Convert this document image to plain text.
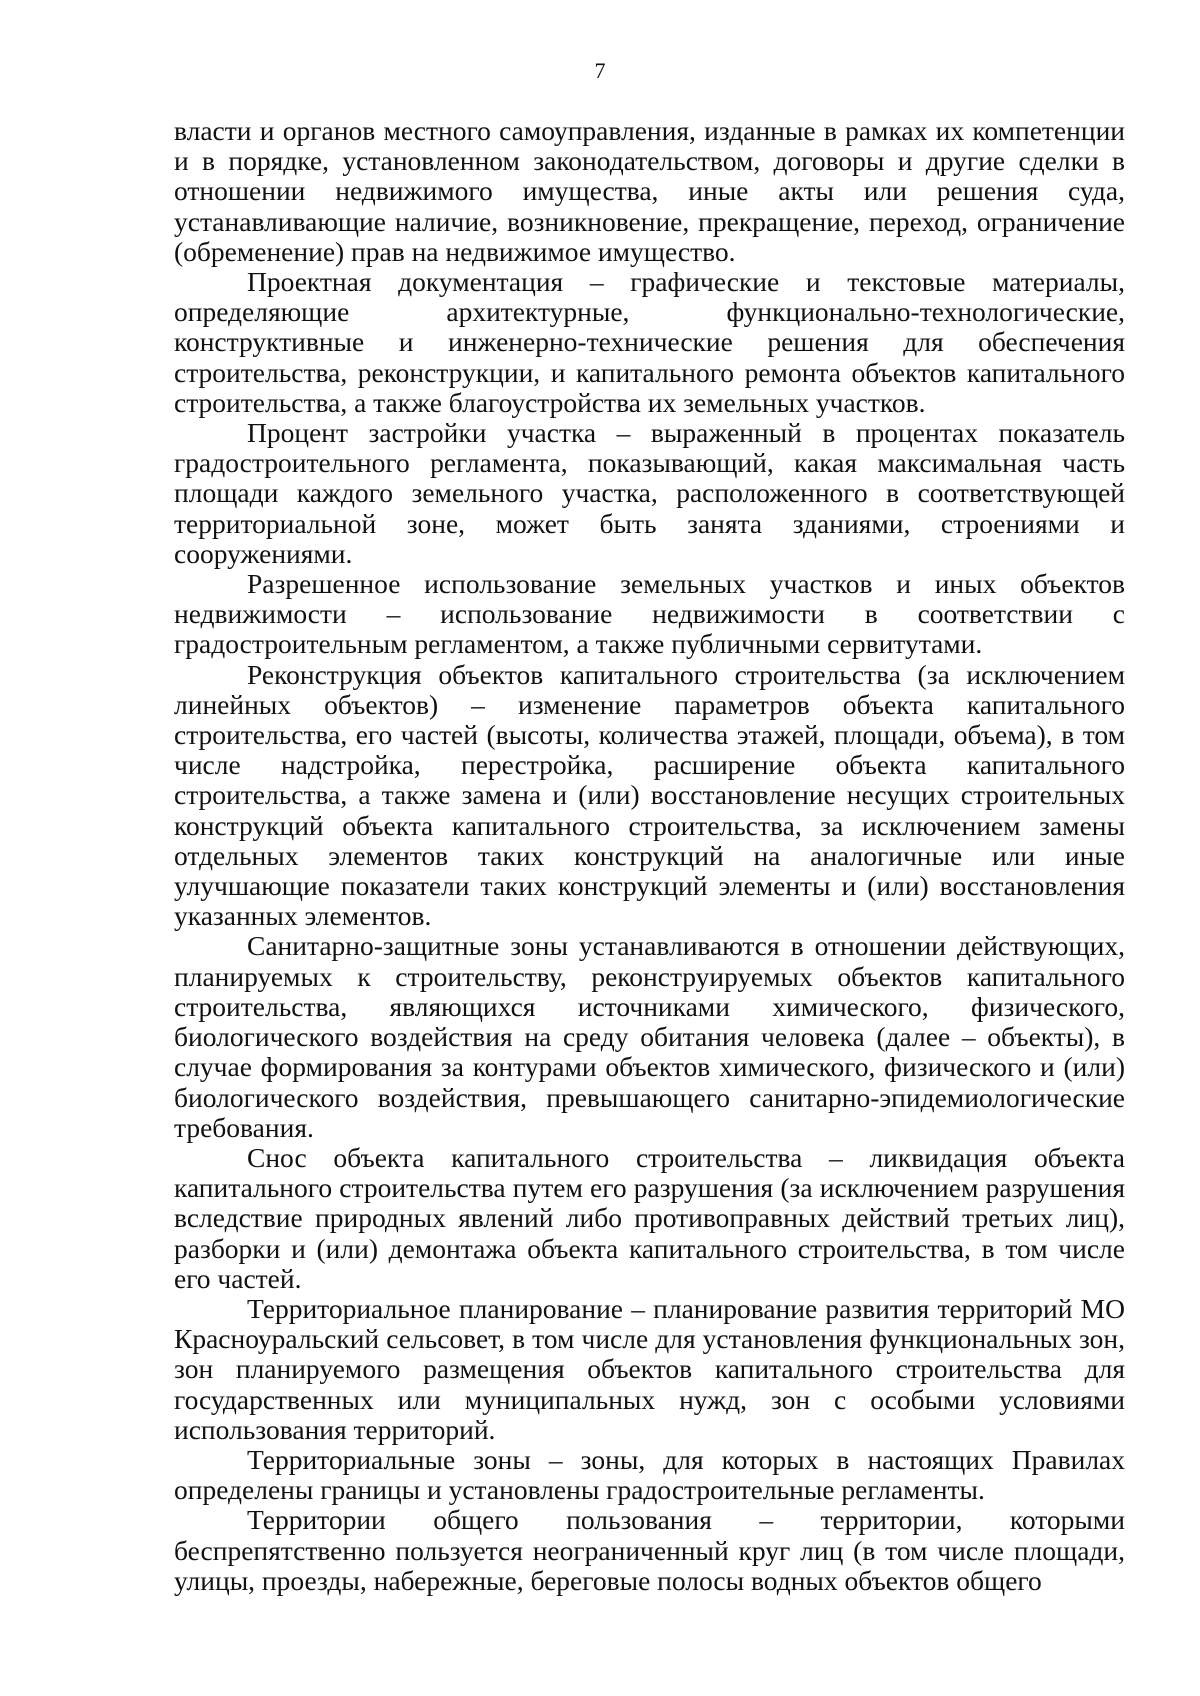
7

власти и органов местного самоуправления, изданные в рамках их компетенции и в порядке, установленном законодательством, договоры и другие сделки в отношении недвижимого имущества, иные акты или решения суда, устанавливающие наличие, возникновение, прекращение, переход, ограничение (обременение) прав на недвижимое имущество.

Проектная документация – графические и текстовые материалы, определяющие архитектурные, функционально-технологические, конструктивные и инженерно-технические решения для обеспечения строительства, реконструкции, и капитального ремонта объектов капитального строительства, а также благоустройства их земельных участков.

Процент застройки участка – выраженный в процентах показатель градостроительного регламента, показывающий, какая максимальная часть площади каждого земельного участка, расположенного в соответствующей территориальной зоне, может быть занята зданиями, строениями и сооружениями.

Разрешенное использование земельных участков и иных объектов недвижимости – использование недвижимости в соответствии с градостроительным регламентом, а также публичными сервитутами.

Реконструкция объектов капитального строительства (за исключением линейных объектов) – изменение параметров объекта капитального строительства, его частей (высоты, количества этажей, площади, объема), в том числе надстройка, перестройка, расширение объекта капитального строительства, а также замена и (или) восстановление несущих строительных конструкций объекта капитального строительства, за исключением замены отдельных элементов таких конструкций на аналогичные или иные улучшающие показатели таких конструкций элементы и (или) восстановления указанных элементов.

Санитарно-защитные зоны устанавливаются в отношении действующих, планируемых к строительству, реконструируемых объектов капитального строительства, являющихся источниками химического, физического, биологического воздействия на среду обитания человека (далее – объекты), в случае формирования за контурами объектов химического, физического и (или) биологического воздействия, превышающего санитарно-эпидемиологические требования.

Снос объекта капитального строительства – ликвидация объекта капитального строительства путем его разрушения (за исключением разрушения вследствие природных явлений либо противоправных действий третьих лиц), разборки и (или) демонтажа объекта капитального строительства, в том числе его частей.

Территориальное планирование – планирование развития территорий МО Красноуральский сельсовет, в том числе для установления функциональных зон, зон планируемого размещения объектов капитального строительства для государственных или муниципальных нужд, зон с особыми условиями использования территорий.

Территориальные зоны – зоны, для которых в настоящих Правилах определены границы и установлены градостроительные регламенты.

Территории общего пользования – территории, которыми беспрепятственно пользуется неограниченный круг лиц (в том числе площади, улицы, проезды, набережные, береговые полосы водных объектов общего
